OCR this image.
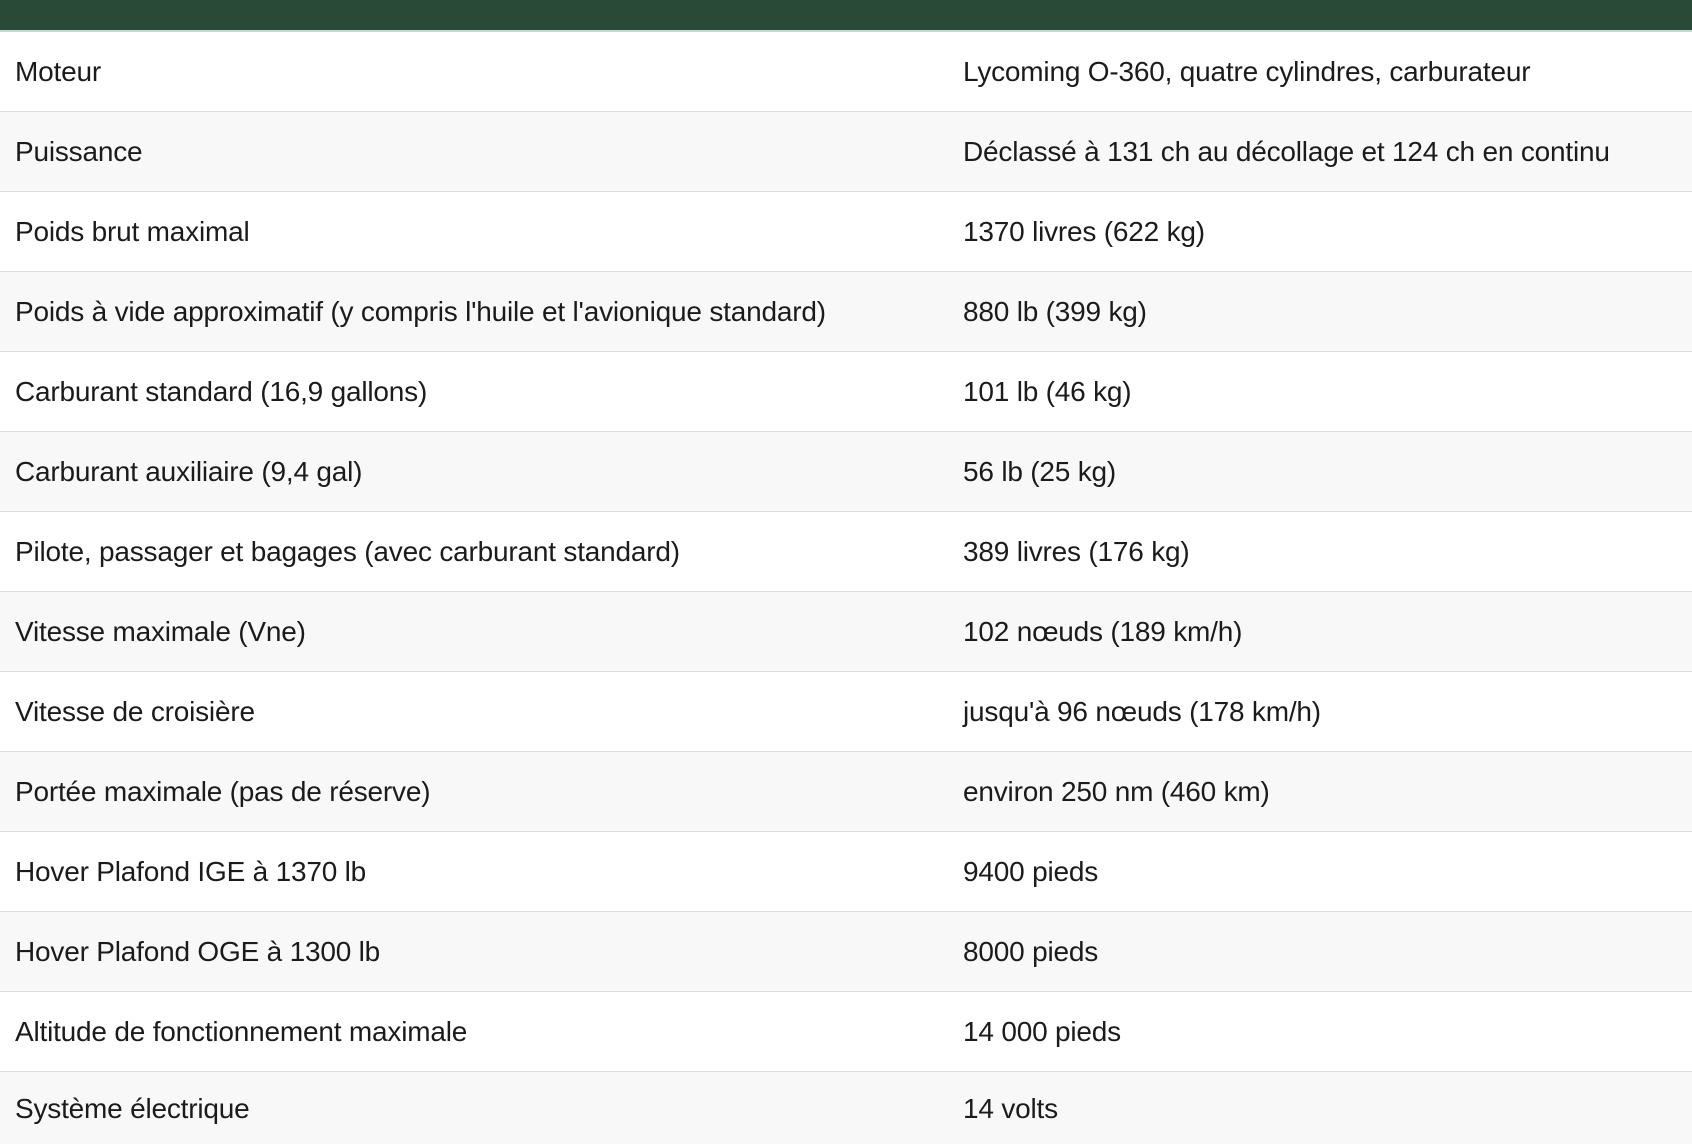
Moteur	Lycoming O-360, quatre cylindres, carburateur
Puissance	Déclassé à 131 ch au décollage et 124 ch en continu
Poids brut maximal	1370 livres (622 kg)
Poids à vide approximatif (y compris l'huile et l'avionique standard)	880 lb (399 kg)
Carburant standard (16,9 gallons)	101 lb (46 kg)
Carburant auxiliaire (9,4 gal)	56 lb (25 kg)
Pilote, passager et bagages (avec carburant standard)	389 livres (176 kg)
Vitesse maximale (Vne)	102 nœuds (189 km/h)
Vitesse de croisière	jusqu'à 96 nœuds (178 km/h)
Portée maximale (pas de réserve)	environ 250 nm (460 km)
Hover Plafond IGE à 1370 lb	9400 pieds
Hover Plafond OGE à 1300 lb	8000 pieds
Altitude de fonctionnement maximale	14 000 pieds
Système électrique	14 volts
